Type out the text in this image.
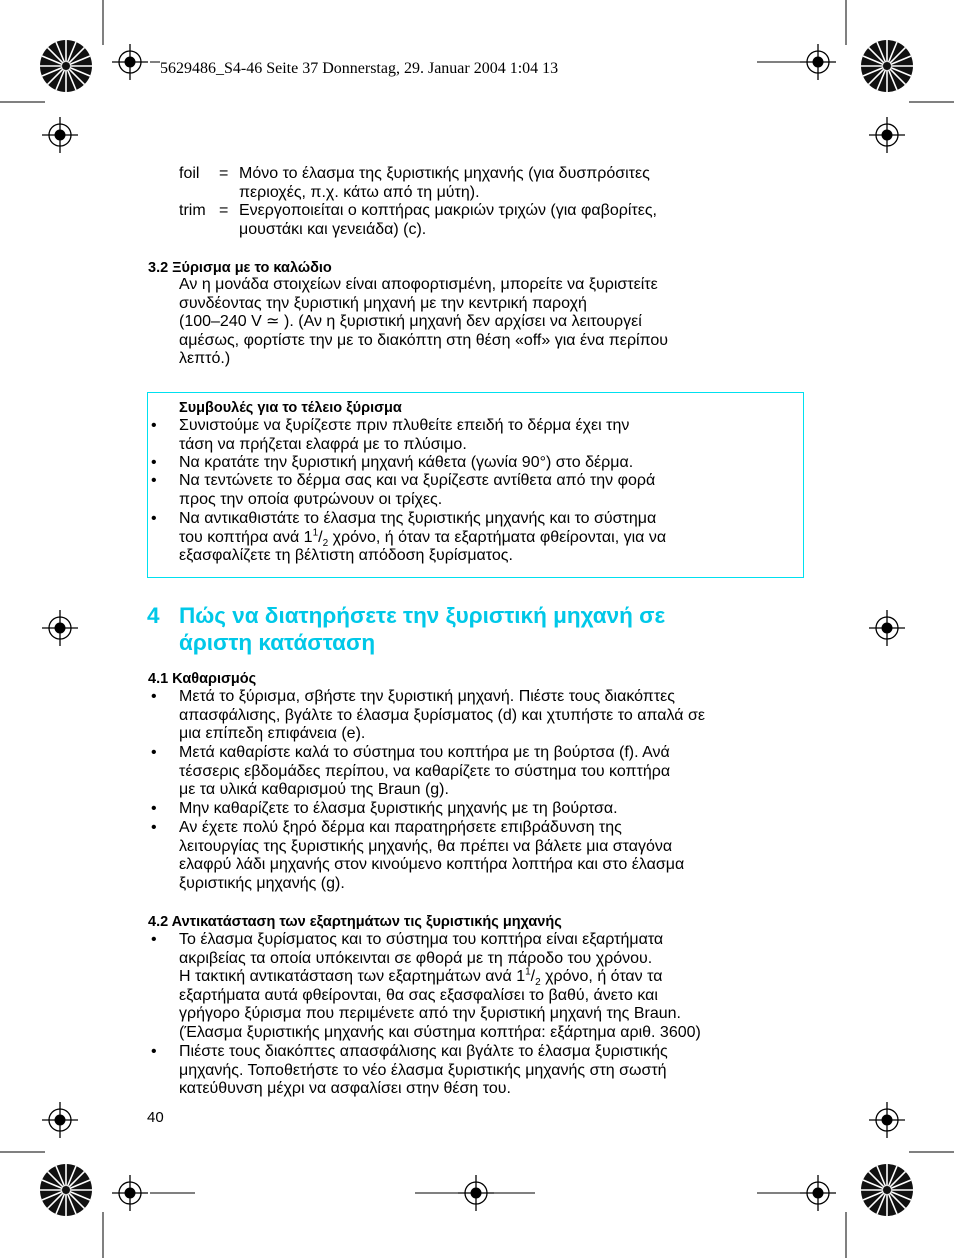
5629486_S4-46 Seite 37 Donnerstag, 29. Januar 2004 1:04 13
foil = Μόνο το έλασμα της ξυριστικής μηχανής (για δυσπρόσιτες
περιοχές, π.χ. κάτω από τη μύτη).
trim = Ενεργοποιείται ο κοπτήρας μακριών τριχών (για φαβορίτες,
μουστάκι και γενειάδα) (c).
3.2 Ξύρισμα με το καλώδιο
Αν η μονάδα στοιχείων είναι αποφορτισμένη, μπορείτε να ξυριστείτε
συνδέοντας την ξυριστική μηχανή με την κεντρική παροχή
(100–240 V ≃ ). (Αν η ξυριστική μηχανή δεν αρχίσει να λειτουργεί
αμέσως, φορτίστε την με το διακόπτη στη θέση «off» για ένα περίπου
λεπτό.)
Συμβουλές για το τέλειο ξύρισμα
• Συνιστούμε να ξυρίζεστε πριν πλυθείτε επειδή το δέρμα έχει την
τάση να πρήζεται ελαφρά με το πλύσιμο.
• Να κρατάτε την ξυριστική μηχανή κάθετα (γωνία 90°) στο δέρμα.
• Να τεντώνετε το δέρμα σας και να ξυρίζεστε αντίθετα από την φορά
προς την οποία φυτρώνουν οι τρίχες.
• Να αντικαθιστάτε το έλασμα της ξυριστικής μηχανής και το σύστημα
του κοπτήρα ανά $1^1/_2$ χρόνο, ή όταν τα εξαρτήματα φθείρονται, για να
εξασφαλίζετε τη βέλτιστη απόδοση ξυρίσματος.
4 Πώς να διατηρήσετε την ξυριστική μηχανή σε
άριστη κατάσταση
4.1 Καθαρισμός
• Μετά το ξύρισμα, σβήστε την ξυριστική μηχανή. Πιέστε τους διακόπτες
απασφάλισης, βγάλτε το έλασμα ξυρίσματος (d) και χτυπήστε το απαλά σε
μια επίπεδη επιφάνεια (e).
• Μετά καθαρίστε καλά το σύστημα του κοπτήρα με τη βούρτσα (f). Ανά
τέσσερις εβδομάδες περίπου, να καθαρίζετε το σύστημα του κοπτήρα
με τα υλικά καθαρισμού της Braun (g).
• Μην καθαρίζετε το έλασμα ξυριστικής μηχανής με τη βούρτσα.
• Αν έχετε πολύ ξηρό δέρμα και παρατηρήσετε επιβράδυνση της
λειτουργίας της ξυριστικής μηχανής, θα πρέπει να βάλετε μια σταγόνα
ελαφρύ λάδι μηχανής στον κινούμενο κοπτήρα λοπτήρα και στο έλασμα
ξυριστικής μηχανής (g).
4.2 Αντικατάσταση των εξαρτημάτων τις ξυριστικής μηχανής
• Το έλασμα ξυρίσματος και το σύστημα του κοπτήρα είναι εξαρτήματα
ακριβείας τα οποία υπόκεινται σε φθορά με τη πάροδο του χρόνου.
Η τακτική αντικατάσταση των εξαρτημάτων ανά $1^1/_2$ χρόνο, ή όταν τα
εξαρτήματα αυτά φθείρονται, θα σας εξασφαλίσει το βαθύ, άνετο και
γρήγορο ξύρισμα που περιμένετε από την ξυριστική μηχανή της Braun.
(Έλασμα ξυριστικής μηχανής και σύστημα κοπτήρα: εξάρτημα αριθ. 3600)
• Πιέστε τους διακόπτες απασφάλισης και βγάλτε το έλασμα ξυριστικής
μηχανής. Τοποθετήστε το νέο έλασμα ξυριστικής μηχανής στη σωστή
κατεύθυνση μέχρι να ασφαλίσει στην θέση του.
40
